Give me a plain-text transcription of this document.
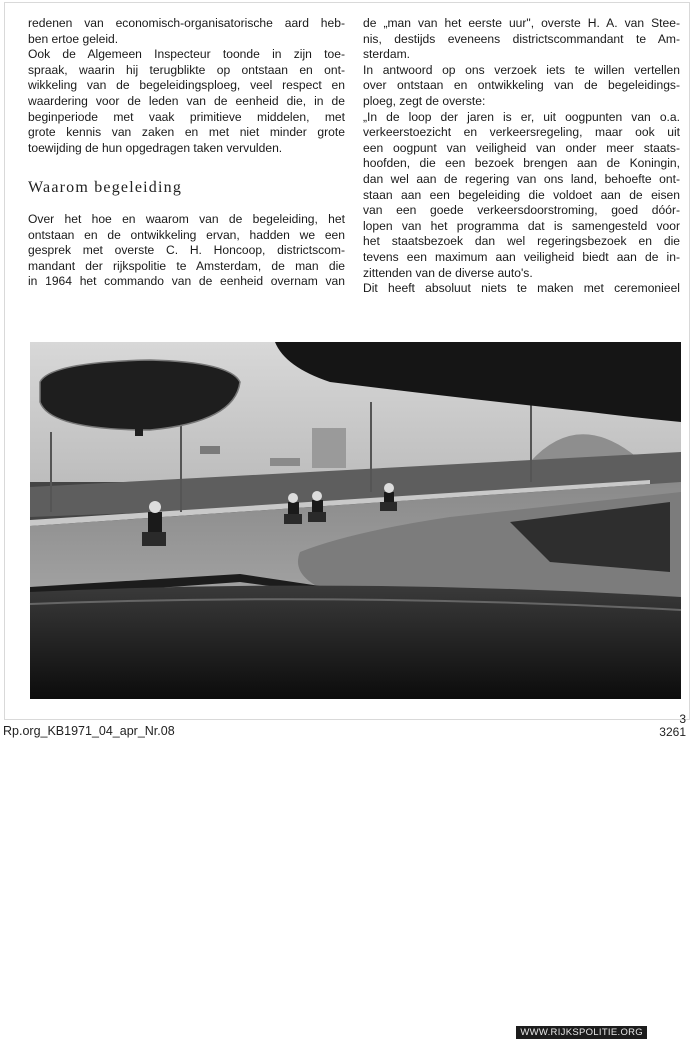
redenen van economisch-organisatorische aard heb-
ben ertoe geleid.

Ook de Algemeen Inspecteur toonde in zijn toe-
spraak, waarin hij terugblikte op ontstaan en ont-
wikkeling van de begeleidingsploeg, veel respect en
waardering voor de leden van de eenheid die, in de
beginperiode met vaak primitieve middelen, met
grote kennis van zaken en met niet minder grote
toewijding de hun opgedragen taken vervulden.

Waarom begeleiding

Over het hoe en waarom van de begeleiding, het
ontstaan en de ontwikkeling ervan, hadden we een
gesprek met overste C. H. Honcoop, districtscom-
mandant der rijkspolitie te Amsterdam, de man die
in 1964 het commando van de eenheid overnam van

de „man van het eerste uur", overste H. A. van Stee-
nis, destijds eveneens districtscommandant te Am-
sterdam.

In antwoord op ons verzoek iets te willen vertellen
over ontstaan en ontwikkeling van de begeleidings-
ploeg, zegt de overste:

„In de loop der jaren is er, uit oogpunten van o.a.
verkeerstoezicht en verkeersregeling, maar ook uit
een oogpunt van veiligheid van onder meer staats-
hoofden, die een bezoek brengen aan de Koningin,
dan wel aan de regering van ons land, behoefte ont-
staan aan een begeleiding die voldoet aan de eisen
van een goede verkeersdoorstroming, goed dóór-
lopen van het programma dat is samengesteld voor
het staatsbezoek dan wel regeringsbezoek en die
tevens een maximum aan veiligheid biedt aan de in-
zittenden van de diverse auto's.

Dit heeft absoluut niets te maken met ceremonieel

WWW.RIJKSPOLITIE.ORG
Rp.org_KB1971_04_apr_Nr.08
3
3261
